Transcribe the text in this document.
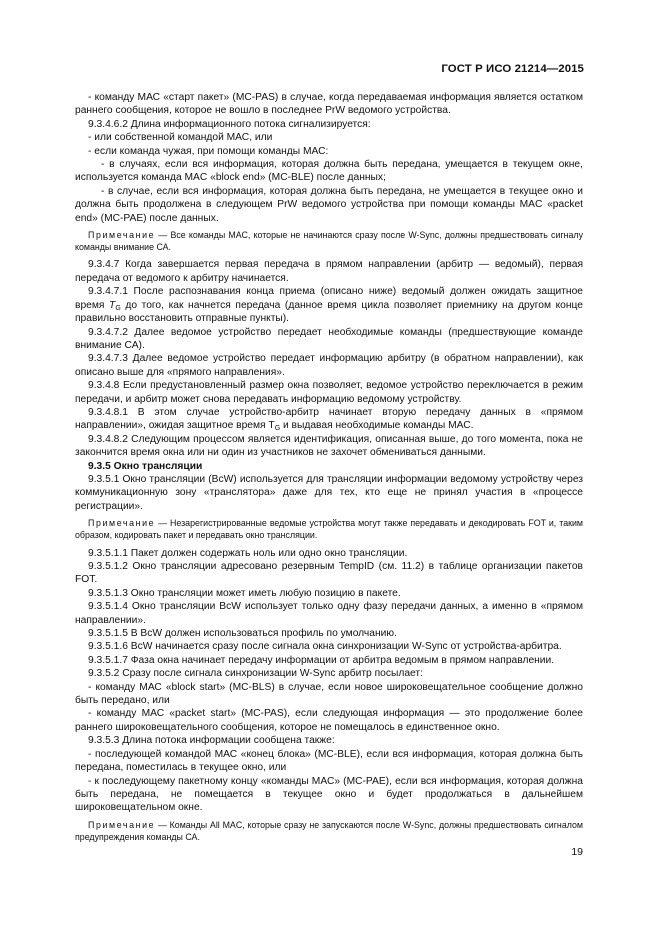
ГОСТ Р ИСО 21214—2015

- команду МАС «старт пакет» (MC-PAS) в случае, когда передаваемая информация является остатком раннего сообщения, которое не вошло в последнее PrW ведомого устройства.

9.3.4.6.2 Длина информационного потока сигнализируется:

- или собственной командой МАС, или

- если команда чужая, при помощи команды МАС:

- в случаях, если вся информация, которая должна быть передана, умещается в текущем окне, используется команда MAC «block end» (MC-BLE) после данных;

- в случае, если вся информация, которая должна быть передана, не умещается в текущее окно и должна быть продолжена в следующем PrW ведомого устройства при помощи команды MAC «packet end» (MC-PAE) после данных.

Примечание — Все команды МАС, которые не начинаются сразу после W-Sync, должны предшествовать сигналу команды внимание СА.

9.3.4.7 Когда завершается первая передача в прямом направлении (арбитр — ведомый), первая передача от ведомого к арбитру начинается.

9.3.4.7.1 После распознавания конца приема (описано ниже) ведомый должен ожидать защитное время $T_G$ до того, как начнется передача (данное время цикла позволяет приемнику на другом конце правильно восстановить отправные пункты).

9.3.4.7.2 Далее ведомое устройство передает необходимые команды (предшествующие команде внимание СА).

9.3.4.7.3 Далее ведомое устройство передает информацию арбитру (в обратном направлении), как описано выше для «прямого направления».

9.3.4.8 Если предустановленный размер окна позволяет, ведомое устройство переключается в режим передачи, и арбитр может снова передавать информацию ведомому устройству.

9.3.4.8.1 В этом случае устройство-арбитр начинает вторую передачу данных в «прямом направлении», ожидая защитное время $T_G$ и выдавая необходимые команды МАС.

9.3.4.8.2 Следующим процессом является идентификация, описанная выше, до того момента, пока не закончится время окна или ни один из участников не захочет обмениваться данными.

9.3.5 Окно трансляции

9.3.5.1 Окно трансляции (BcW) используется для трансляции информации ведомому устройству через коммуникационную зону «транслятора» даже для тех, кто еще не принял участия в «процессе регистрации».

Примечание — Незарегистрированные ведомые устройства могут также передавать и декодировать FOT и, таким образом, кодировать пакет и передавать окно трансляции.

9.3.5.1.1 Пакет должен содержать ноль или одно окно трансляции.

9.3.5.1.2 Окно трансляции адресовано резервным TempID (см. 11.2) в таблице организации пакетов FOT.

9.3.5.1.3 Окно трансляции может иметь любую позицию в пакете.

9.3.5.1.4 Окно трансляции BcW использует только одну фазу передачи данных, а именно в «прямом направлении».

9.3.5.1.5 В BcW должен использоваться профиль по умолчанию.

9.3.5.1.6 BcW начинается сразу после сигнала окна синхронизации W-Sync от устройства-арбитра.

9.3.5.1.7 Фаза окна начинает передачу информации от арбитра ведомым в прямом направлении.

9.3.5.2 Сразу после сигнала синхронизации W-Sync арбитр посылает:

- команду МАС «block start» (MC-BLS) в случае, если новое широковещательное сообщение должно быть передано, или

- команду МАС «packet start» (MC-PAS), если следующая информация — это продолжение более раннего широковещательного сообщения, которое не помещалось в единственное окно.

9.3.5.3 Длина потока информации сообщена также:

- последующей командой МАС «конец блока» (MC-BLE), если вся информация, которая должна быть передана, поместилась в текущее окно, или

- к последующему пакетному концу «команды МАС» (MC-PAE), если вся информация, которая должна быть передана, не помещается в текущее окно и будет продолжаться в дальнейшем широковещательном окне.

Примечание — Команды All MAC, которые сразу не запускаются после W-Sync, должны предшествовать сигналом предупреждения команды СА.

19
